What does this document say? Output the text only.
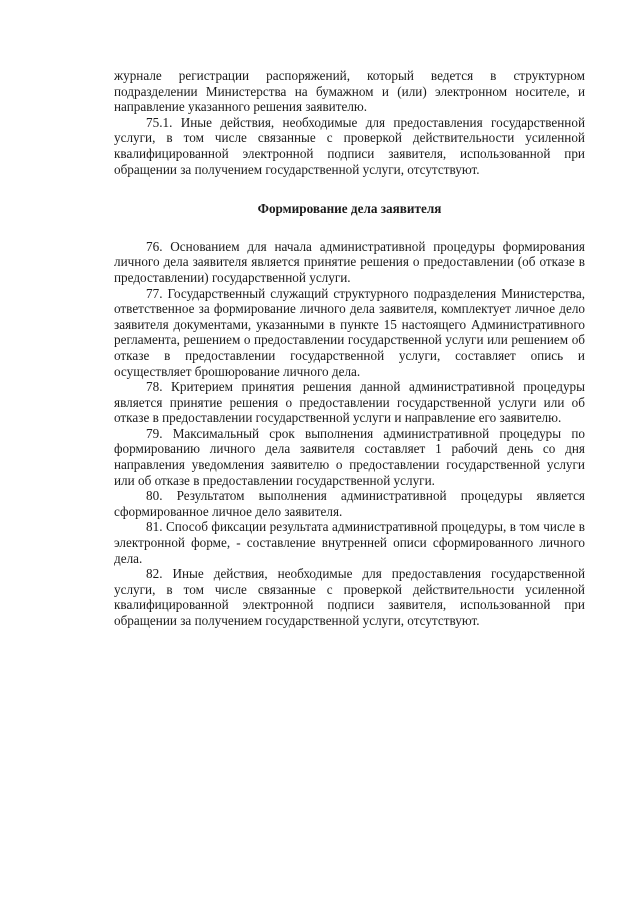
журнале регистрации распоряжений, который ведется в структурном подразделении Министерства на бумажном и (или) электронном носителе, и направление указанного решения заявителю.

75.1. Иные действия, необходимые для предоставления государственной услуги, в том числе связанные с проверкой действительности усиленной квалифицированной электронной подписи заявителя, использованной при обращении за получением государственной услуги, отсутствуют.

Формирование дела заявителя

76. Основанием для начала административной процедуры формирования личного дела заявителя является принятие решения о предоставлении (об отказе в предоставлении) государственной услуги.

77. Государственный служащий структурного подразделения Министерства, ответственное за формирование личного дела заявителя, комплектует личное дело заявителя документами, указанными в пункте 15 настоящего Административного регламента, решением о предоставлении государственной услуги или решением об отказе в предоставлении государственной услуги, составляет опись и осуществляет брошюрование личного дела.

78. Критерием принятия решения данной административной процедуры является принятие решения о предоставлении государственной услуги или об отказе в предоставлении государственной услуги и направление его заявителю.

79. Максимальный срок выполнения административной процедуры по формированию личного дела заявителя составляет 1 рабочий день со дня направления уведомления заявителю о предоставлении государственной услуги или об отказе в предоставлении государственной услуги.

80. Результатом выполнения административной процедуры является сформированное личное дело заявителя.

81. Способ фиксации результата административной процедуры, в том числе в электронной форме, - составление внутренней описи сформированного личного дела.

82. Иные действия, необходимые для предоставления государственной услуги, в том числе связанные с проверкой действительности усиленной квалифицированной электронной подписи заявителя, использованной при обращении за получением государственной услуги, отсутствуют.
